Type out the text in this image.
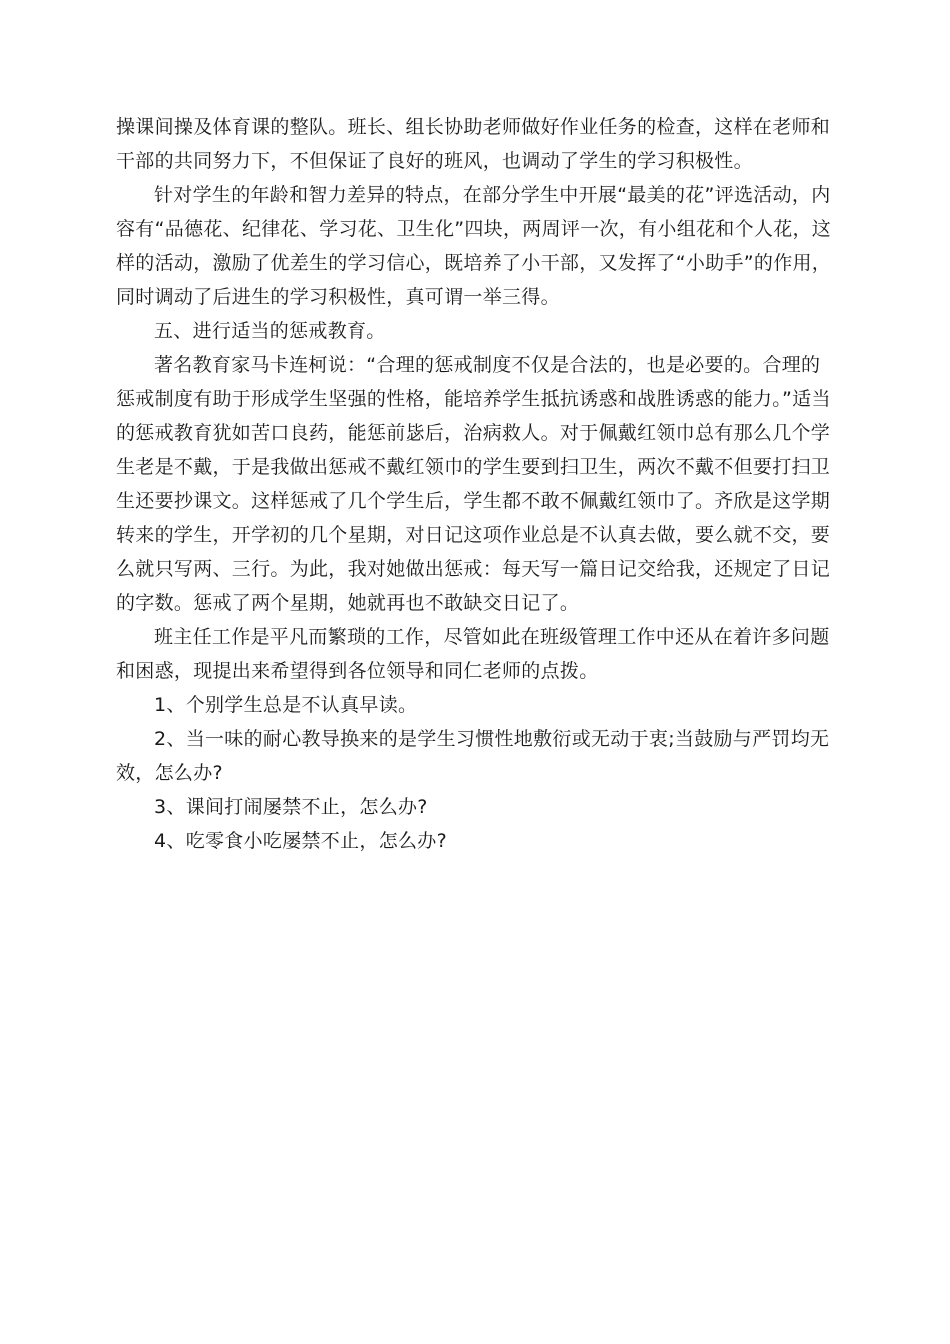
操课间操及体育课的整队。班长、组长协助老师做好作业任务的检查，这样在老师和干部的共同努力下，不但保证了良好的班风，也调动了学生的学习积极性。

针对学生的年龄和智力差异的特点，在部分学生中开展“最美的花”评选活动，内容有“品德花、纪律花、学习花、卫生化”四块，两周评一次，有小组花和个人花，这样的活动，激励了优差生的学习信心，既培养了小干部，又发挥了“小助手”的作用，同时调动了后进生的学习积极性，真可谓一举三得。

五、进行适当的惩戒教育。

著名教育家马卡连柯说：“合理的惩戒制度不仅是合法的，也是必要的。合理的惩戒制度有助于形成学生坚强的性格，能培养学生抵抗诱惑和战胜诱惑的能力。”适当的惩戒教育犹如苦口良药，能惩前毖后，治病救人。对于佩戴红领巾总有那么几个学生老是不戴，于是我做出惩戒不戴红领巾的学生要到扫卫生，两次不戴不但要打扫卫生还要抄课文。这样惩戒了几个学生后，学生都不敢不佩戴红领巾了。齐欣是这学期转来的学生，开学初的几个星期，对日记这项作业总是不认真去做，要么就不交，要么就只写两、三行。为此，我对她做出惩戒：每天写一篇日记交给我，还规定了日记的字数。惩戒了两个星期，她就再也不敢缺交日记了。

班主任工作是平凡而繁琐的工作，尽管如此在班级管理工作中还从在着许多问题和困惑，现提出来希望得到各位领导和同仁老师的点拨。

1、个别学生总是不认真早读。

2、当一味的耐心教导换来的是学生习惯性地敷衍或无动于衷;当鼓励与严罚均无效，怎么办?

3、课间打闹屡禁不止，怎么办?

4、吃零食小吃屡禁不止，怎么办?
